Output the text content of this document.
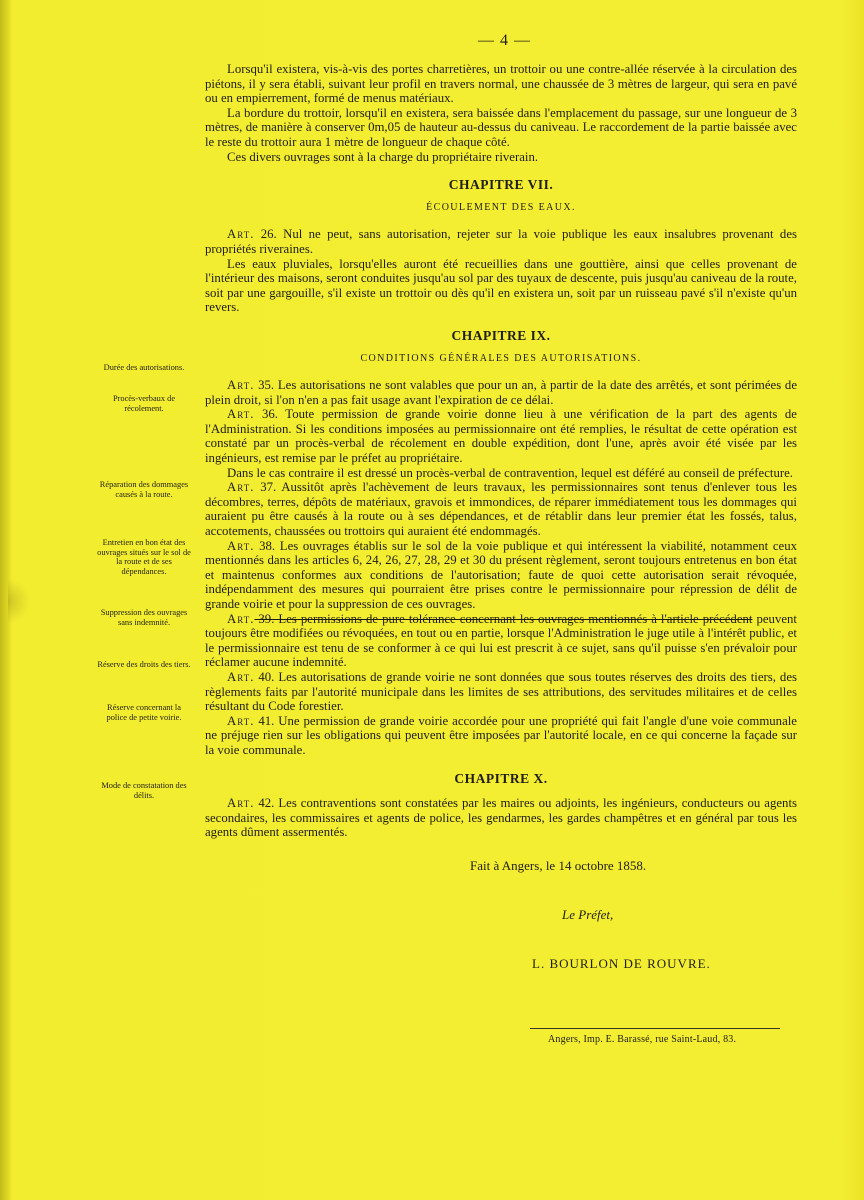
— 4 —

Lorsqu'il existera, vis-à-vis des portes charretières, un trottoir ou une contre-allée réservée à la circulation des piétons, il y sera établi, suivant leur profil en travers normal, une chaussée de 3 mètres de largeur, qui sera en pavé ou en empierrement, formé de menus matériaux.

La bordure du trottoir, lorsqu'il en existera, sera baissée dans l'emplacement du passage, sur une longueur de 3 mètres, de manière à conserver 0m,05 de hauteur au-dessus du caniveau. Le raccordement de la partie baissée avec le reste du trottoir aura 1 mètre de longueur de chaque côté.

Ces divers ouvrages sont à la charge du propriétaire riverain.

CHAPITRE VII.
ÉCOULEMENT DES EAUX.

Art. 26. Nul ne peut, sans autorisation, rejeter sur la voie publique les eaux insalubres provenant des propriétés riveraines.

Les eaux pluviales, lorsqu'elles auront été recueillies dans une gouttière, ainsi que celles provenant de l'intérieur des maisons, seront conduites jusqu'au sol par des tuyaux de descente, puis jusqu'au caniveau de la route, soit par une gargouille, s'il existe un trottoir ou dès qu'il en existera un, soit par un ruisseau pavé s'il n'existe qu'un revers.

CHAPITRE IX.
CONDITIONS GÉNÉRALES DES AUTORISATIONS.

Art. 35. Les autorisations ne sont valables que pour un an, à partir de la date des arrêtés, et sont périmées de plein droit, si l'on n'en a pas fait usage avant l'expiration de ce délai.

Art. 36. Toute permission de grande voirie donne lieu à une vérification de la part des agents de l'Administration. Si les conditions imposées au permissionnaire ont été remplies, le résultat de cette opération est constaté par un procès-verbal de récolement en double expédition, dont l'une, après avoir été visée par les ingénieurs, est remise par le préfet au propriétaire.

Dans le cas contraire il est dressé un procès-verbal de contravention, lequel est déféré au conseil de préfecture.

Art. 37. Aussitôt après l'achèvement de leurs travaux, les permissionnaires sont tenus d'enlever tous les décombres, terres, dépôts de matériaux, gravois et immondices, de réparer immédiatement tous les dommages qui auraient pu être causés à la route ou à ses dépendances, et de rétablir dans leur premier état les fossés, talus, accotements, chaussées ou trottoirs qui auraient été endommagés.

Art. 38. Les ouvrages établis sur le sol de la voie publique et qui intéressent la viabilité, notamment ceux mentionnés dans les articles 6, 24, 26, 27, 28, 29 et 30 du présent règlement, seront toujours entretenus en bon état et maintenus conformes aux conditions de l'autorisation; faute de quoi cette autorisation serait révoquée, indépendamment des mesures qui pourraient être prises contre le permissionnaire pour répression de délit de grande voirie et pour la suppression de ces ouvrages.

Art. 39. Les permissions de pure tolérance concernant les ouvrages mentionnés à l'article précédent peuvent toujours être modifiées ou révoquées, en tout ou en partie, lorsque l'Administration le juge utile à l'intérêt public, et le permissionnaire est tenu de se conformer à ce qui lui est prescrit à ce sujet, sans qu'il puisse s'en prévaloir pour réclamer aucune indemnité.

Art. 40. Les autorisations de grande voirie ne sont données que sous toutes réserves des droits des tiers, des règlements faits par l'autorité municipale dans les limites de ses attributions, des servitudes militaires et de celles résultant du Code forestier.

Art. 41. Une permission de grande voirie accordée pour une propriété qui fait l'angle d'une voie communale ne préjuge rien sur les obligations qui peuvent être imposées par l'autorité locale, en ce qui concerne la façade sur la voie communale.

CHAPITRE X.

Art. 42. Les contraventions sont constatées par les maires ou adjoints, les ingénieurs, conducteurs ou agents secondaires, les commissaires et agents de police, les gendarmes, les gardes champêtres et en général par tous les agents dûment assermentés.

Durée des autorisations.
Procès-verbaux de récolement.
Réparation des dommages causés à la route.
Entretien en bon état des ouvrages situés sur le sol de la route et de ses dépendances.
Suppression des ouvrages sans indemnité.
Réserve des droits des tiers.
Réserve concernant la police de petite voirie.
Mode de constatation des délits.
Fait à Angers, le 14 octobre 1858.
Le Préfet,
L. BOURLON DE ROUVRE.
Angers, Imp. E. Barassé, rue Saint-Laud, 83.
